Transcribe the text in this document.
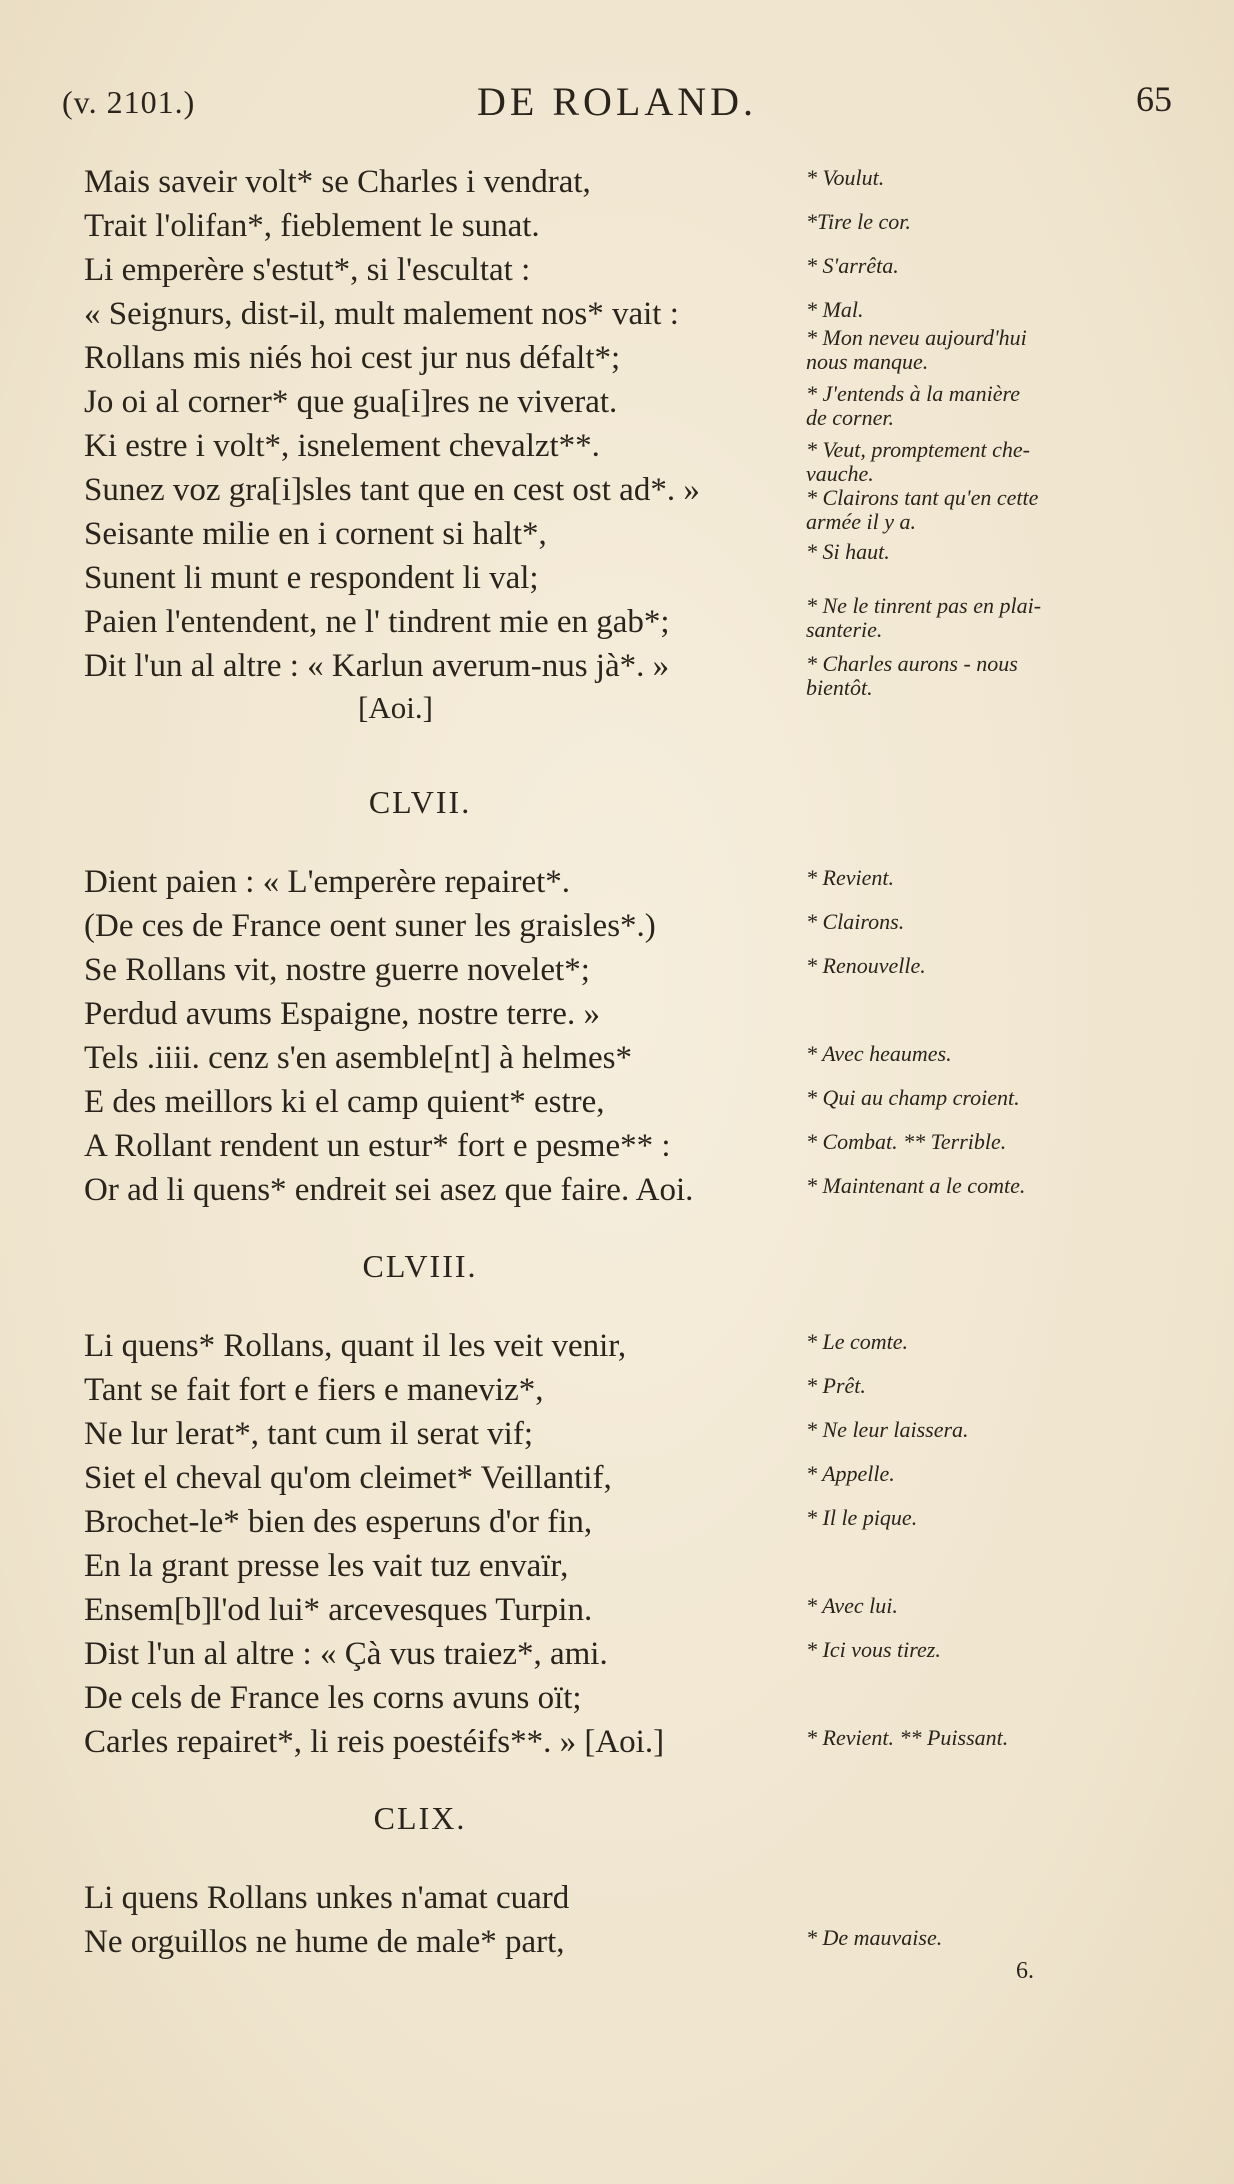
(v. 2101.)	DE ROLAND.	65
Mais saveir volt* se Charles i vendrat,
Trait l'olifan*, fieblement le sunat.
Li emperère s'estut*, si l'escultat :
« Seignurs, dist-il, mult malement nos* vait :
Rollans mis niés hoi cest jur nus défalt*;
Jo oi al corner* que gua[i]res ne viverat.
Ki estre i volt*, isnelement chevalzt**.
Sunez voz gra[i]sles tant que en cest ost ad*. »
Seisante milie en i cornent si halt*,
Sunent li munt e respondent li val;
Paien l'entendent, ne l' tindrent mie en gab*;
Dit l'un al altre : « Karlun averum-nus jà*. »
[Aoi.]
CLVII.
Dient paien : « L'emperère repairet*.
(De ces de France oent suner les graisles*.)
Se Rollans vit, nostre guerre novelet*;
Perdud avums Espaigne, nostre terre. »
Tels .iiii. cenz s'en asemble[nt] à helmes*
E des meillors ki el camp quient* estre,
A Rollant rendent un estur* fort e pesme** :
Or ad li quens* endreit sei asez que faire. Aoi.
CLVIII.
Li quens* Rollans, quant il les veit venir,
Tant se fait fort e fiers e maneviz*,
Ne lur lerat*, tant cum il serat vif;
Siet el cheval qu'om cleimet* Veillantif,
Brochet-le* bien des esperuns d'or fin,
En la grant presse les vait tuz envaïr,
Ensem[b]l'od lui* arcevesques Turpin.
Dist l'un al altre : « Çà vus traiez*, ami.
De cels de France les corns avuns oït;
Carles repairet*, li reis poestéifs**. » [Aoi.]
CLIX.
Li quens Rollans unkes n'amat cuard
Ne orguillos ne hume de male* part,
* Voulut.
*Tire le cor.
* S'arrêta.
* Mal.
* Mon neveu aujourd'hui
nous manque.
* J'entends à la manière
de corner.
* Veut, promptement che-
vauche.
* Clairons tant qu'en cette
armée il y a.
* Si haut.
* Ne le tinrent pas en plai-
santerie.
* Charles aurons - nous
bientôt.
* Revient.
* Clairons.
* Renouvelle.
* Avec heaumes.
* Qui au champ croient.
* Combat. ** Terrible.
* Maintenant a le comte.
* Le comte.
* Prêt.
* Ne leur laissera.
* Appelle.
* Il le pique.
* Avec lui.
* Ici vous tirez.
* Revient. ** Puissant.
* De mauvaise.
6.
